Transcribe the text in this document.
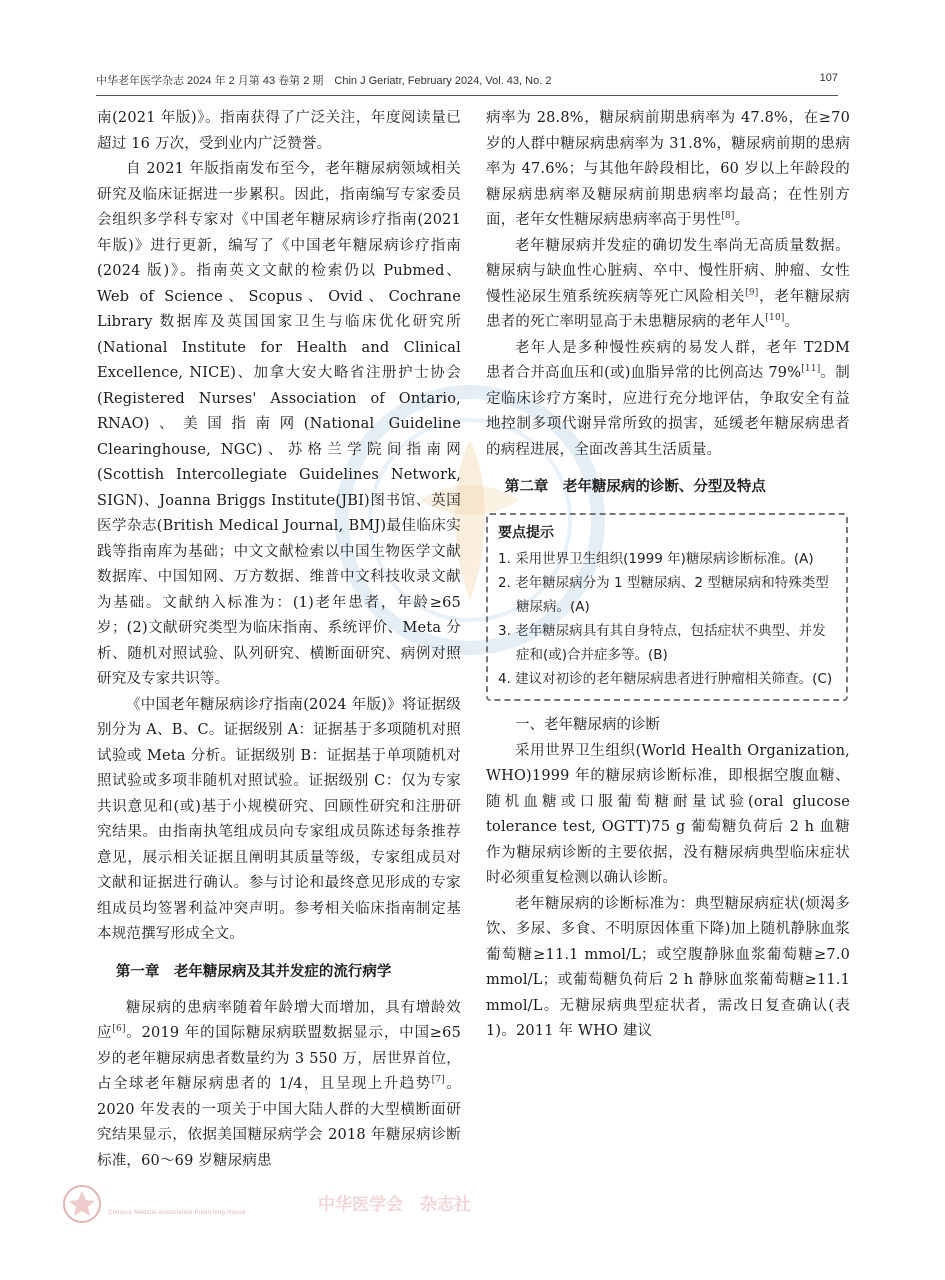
中华老年医学杂志 2024 年 2 月第 43 卷第 2 期　Chin J Geriatr, February 2024, Vol. 43, No. 2	107

南(2021 年版)》。指南获得了广泛关注，年度阅读量已超过 16 万次，受到业内广泛赞誉。

自 2021 年版指南发布至今，老年糖尿病领域相关研究及临床证据进一步累积。因此，指南编写专家委员会组织多学科专家对《中国老年糖尿病诊疗指南(2021 年版)》进行更新，编写了《中国老年糖尿病诊疗指南(2024 版)》。指南英文文献的检索仍以 Pubmed、Web of Science、Scopus、Ovid、Cochrane Library 数据库及英国国家卫生与临床优化研究所(National Institute for Health and Clinical Excellence, NICE)、加拿大安大略省注册护士协会(Registered Nurses' Association of Ontario, RNAO)、美国指南网(National Guideline Clearinghouse, NGC)、苏格兰学院间指南网(Scottish Intercollegiate Guidelines Network, SIGN)、Joanna Briggs Institute(JBI)图书馆、英国医学杂志(British Medical Journal, BMJ)最佳临床实践等指南库为基础；中文文献检索以中国生物医学文献数据库、中国知网、万方数据、维普中文科技收录文献为基础。文献纳入标准为：(1)老年患者，年龄≥65 岁；(2)文献研究类型为临床指南、系统评价、Meta 分析、随机对照试验、队列研究、横断面研究、病例对照研究及专家共识等。

《中国老年糖尿病诊疗指南(2024 年版)》将证据级别分为 A、B、C。证据级别 A：证据基于多项随机对照试验或 Meta 分析。证据级别 B：证据基于单项随机对照试验或多项非随机对照试验。证据级别 C：仅为专家共识意见和(或)基于小规模研究、回顾性研究和注册研究结果。由指南执笔组成员向专家组成员陈述每条推荐意见，展示相关证据且阐明其质量等级，专家组成员对文献和证据进行确认。参与讨论和最终意见形成的专家组成员均签署利益冲突声明。参考相关临床指南制定基本规范撰写形成全文。

第一章　老年糖尿病及其并发症的流行病学

糖尿病的患病率随着年龄增大而增加，具有增龄效应[6]。2019 年的国际糖尿病联盟数据显示，中国≥65 岁的老年糖尿病患者数量约为 3 550 万，居世界首位，占全球老年糖尿病患者的 1/4，且呈现上升趋势[7]。2020 年发表的一项关于中国大陆人群的大型横断面研究结果显示，依据美国糖尿病学会 2018 年糖尿病诊断标准，60～69 岁糖尿病患

病率为 28.8%，糖尿病前期患病率为 47.8%，在≥70 岁的人群中糖尿病患病率为 31.8%，糖尿病前期的患病率为 47.6%；与其他年龄段相比，60 岁以上年龄段的糖尿病患病率及糖尿病前期患病率均最高；在性别方面，老年女性糖尿病患病率高于男性[8]。

老年糖尿病并发症的确切发生率尚无高质量数据。糖尿病与缺血性心脏病、卒中、慢性肝病、肿瘤、女性慢性泌尿生殖系统疾病等死亡风险相关[9]，老年糖尿病患者的死亡率明显高于未患糖尿病的老年人[10]。

老年人是多种慢性疾病的易发人群，老年 T2DM 患者合并高血压和(或)血脂异常的比例高达 79%[11]。制定临床诊疗方案时，应进行充分地评估，争取安全有益地控制多项代谢异常所致的损害，延缓老年糖尿病患者的病程进展，全面改善其生活质量。

第二章　老年糖尿病的诊断、分型及特点
要点提示
1. 采用世界卫生组织(1999 年)糖尿病诊断标准。(A)
2. 老年糖尿病分为 1 型糖尿病、2 型糖尿病和特殊类型糖尿病。(A)
3. 老年糖尿病具有其自身特点，包括症状不典型、并发症和(或)合并症多等。(B)
4. 建议对初诊的老年糖尿病患者进行肿瘤相关筛查。(C)
一、老年糖尿病的诊断

采用世界卫生组织(World Health Organization, WHO)1999 年的糖尿病诊断标准，即根据空腹血糖、随机血糖或口服葡萄糖耐量试验(oral glucose tolerance test, OGTT)75 g 葡萄糖负荷后 2 h 血糖作为糖尿病诊断的主要依据，没有糖尿病典型临床症状时必须重复检测以确认诊断。

老年糖尿病的诊断标准为：典型糖尿病症状(烦渴多饮、多尿、多食、不明原因体重下降)加上随机静脉血浆葡萄糖≥11.1 mmol/L；或空腹静脉血浆葡萄糖≥7.0 mmol/L；或葡萄糖负荷后 2 h 静脉血浆葡萄糖≥11.1 mmol/L。无糖尿病典型症状者，需改日复查确认(表 1)。2011 年 WHO 建议

Chinese Medical Association Publishing House	中华医学会　杂志社
